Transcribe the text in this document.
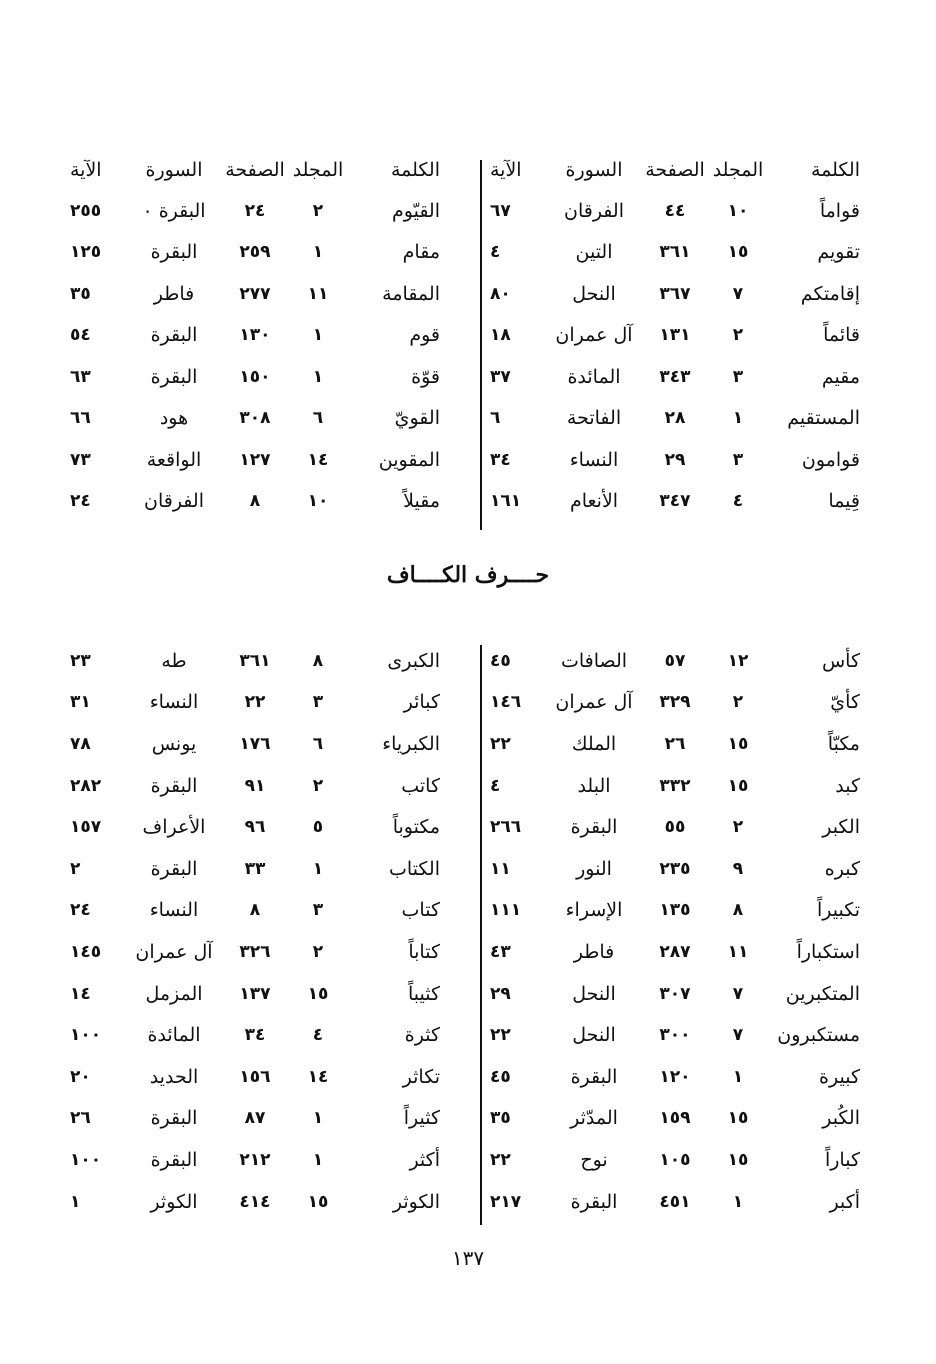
الكلمة	المجلد	الصفحة	السورة	الآية
قواماً	١٠	٤٤	الفرقان	٦٧
تقويم	١٥	٣٦١	التين	٤
إقامتكم	٧	٣٦٧	النحل	٨٠
قائماً	٢	١٣١	آل عمران	١٨
مقيم	٣	٣٤٣	المائدة	٣٧
المستقيم	١	٢٨	الفاتحة	٦
قوامون	٣	٢٩	النساء	٣٤
قِيما	٤	٣٤٧	الأنعام	١٦١
الكلمة	المجلد	الصفحة	السورة	الآية
القيّوم	٢	٢٤	البقرة ٠	٢٥٥
مقام	١	٢٥٩	البقرة	١٢٥
المقامة	١١	٢٧٧	فاطر	٣٥
قوم	١	١٣٠	البقرة	٥٤
قوّة	١	١٥٠	البقرة	٦٣
القويّ	٦	٣٠٨	هود	٦٦
المقوين	١٤	١٢٧	الواقعة	٧٣
مقيلاً	١٠	٨	الفرقان	٢٤
حــــرف الكــــاف
كأس	١٢	٥٧	الصافات	٤٥
كأيّ	٢	٣٢٩	آل عمران	١٤٦
مكبّاً	١٥	٢٦	الملك	٢٢
كبد	١٥	٣٣٢	البلد	٤
الكبر	٢	٥٥	البقرة	٢٦٦
كبره	٩	٢٣٥	النور	١١
تكبيراً	٨	١٣٥	الإسراء	١١١
استكباراً	١١	٢٨٧	فاطر	٤٣
المتكبرين	٧	٣٠٧	النحل	٢٩
مستكبرون	٧	٣٠٠	النحل	٢٢
كبيرة	١	١٢٠	البقرة	٤٥
الكُبر	١٥	١٥٩	المدّثر	٣٥
كباراً	١٥	١٠٥	نوح	٢٢
أكبر	١	٤٥١	البقرة	٢١٧
الكبرى	٨	٣٦١	طه	٢٣
كبائر	٣	٢٢	النساء	٣١
الكبرياء	٦	١٧٦	يونس	٧٨
كاتب	٢	٩١	البقرة	٢٨٢
مكتوباً	٥	٩٦	الأعراف	١٥٧
الكتاب	١	٣٣	البقرة	٢
كتاب	٣	٨	النساء	٢٤
كتاباً	٢	٣٢٦	آل عمران	١٤٥
كثيباً	١٥	١٣٧	المزمل	١٤
كثرة	٤	٣٤	المائدة	١٠٠
تكاثر	١٤	١٥٦	الحديد	٢٠
كثيراً	١	٨٧	البقرة	٢٦
أكثر	١	٢١٢	البقرة	١٠٠
الكوثر	١٥	٤١٤	الكوثر	١
١٣٧
